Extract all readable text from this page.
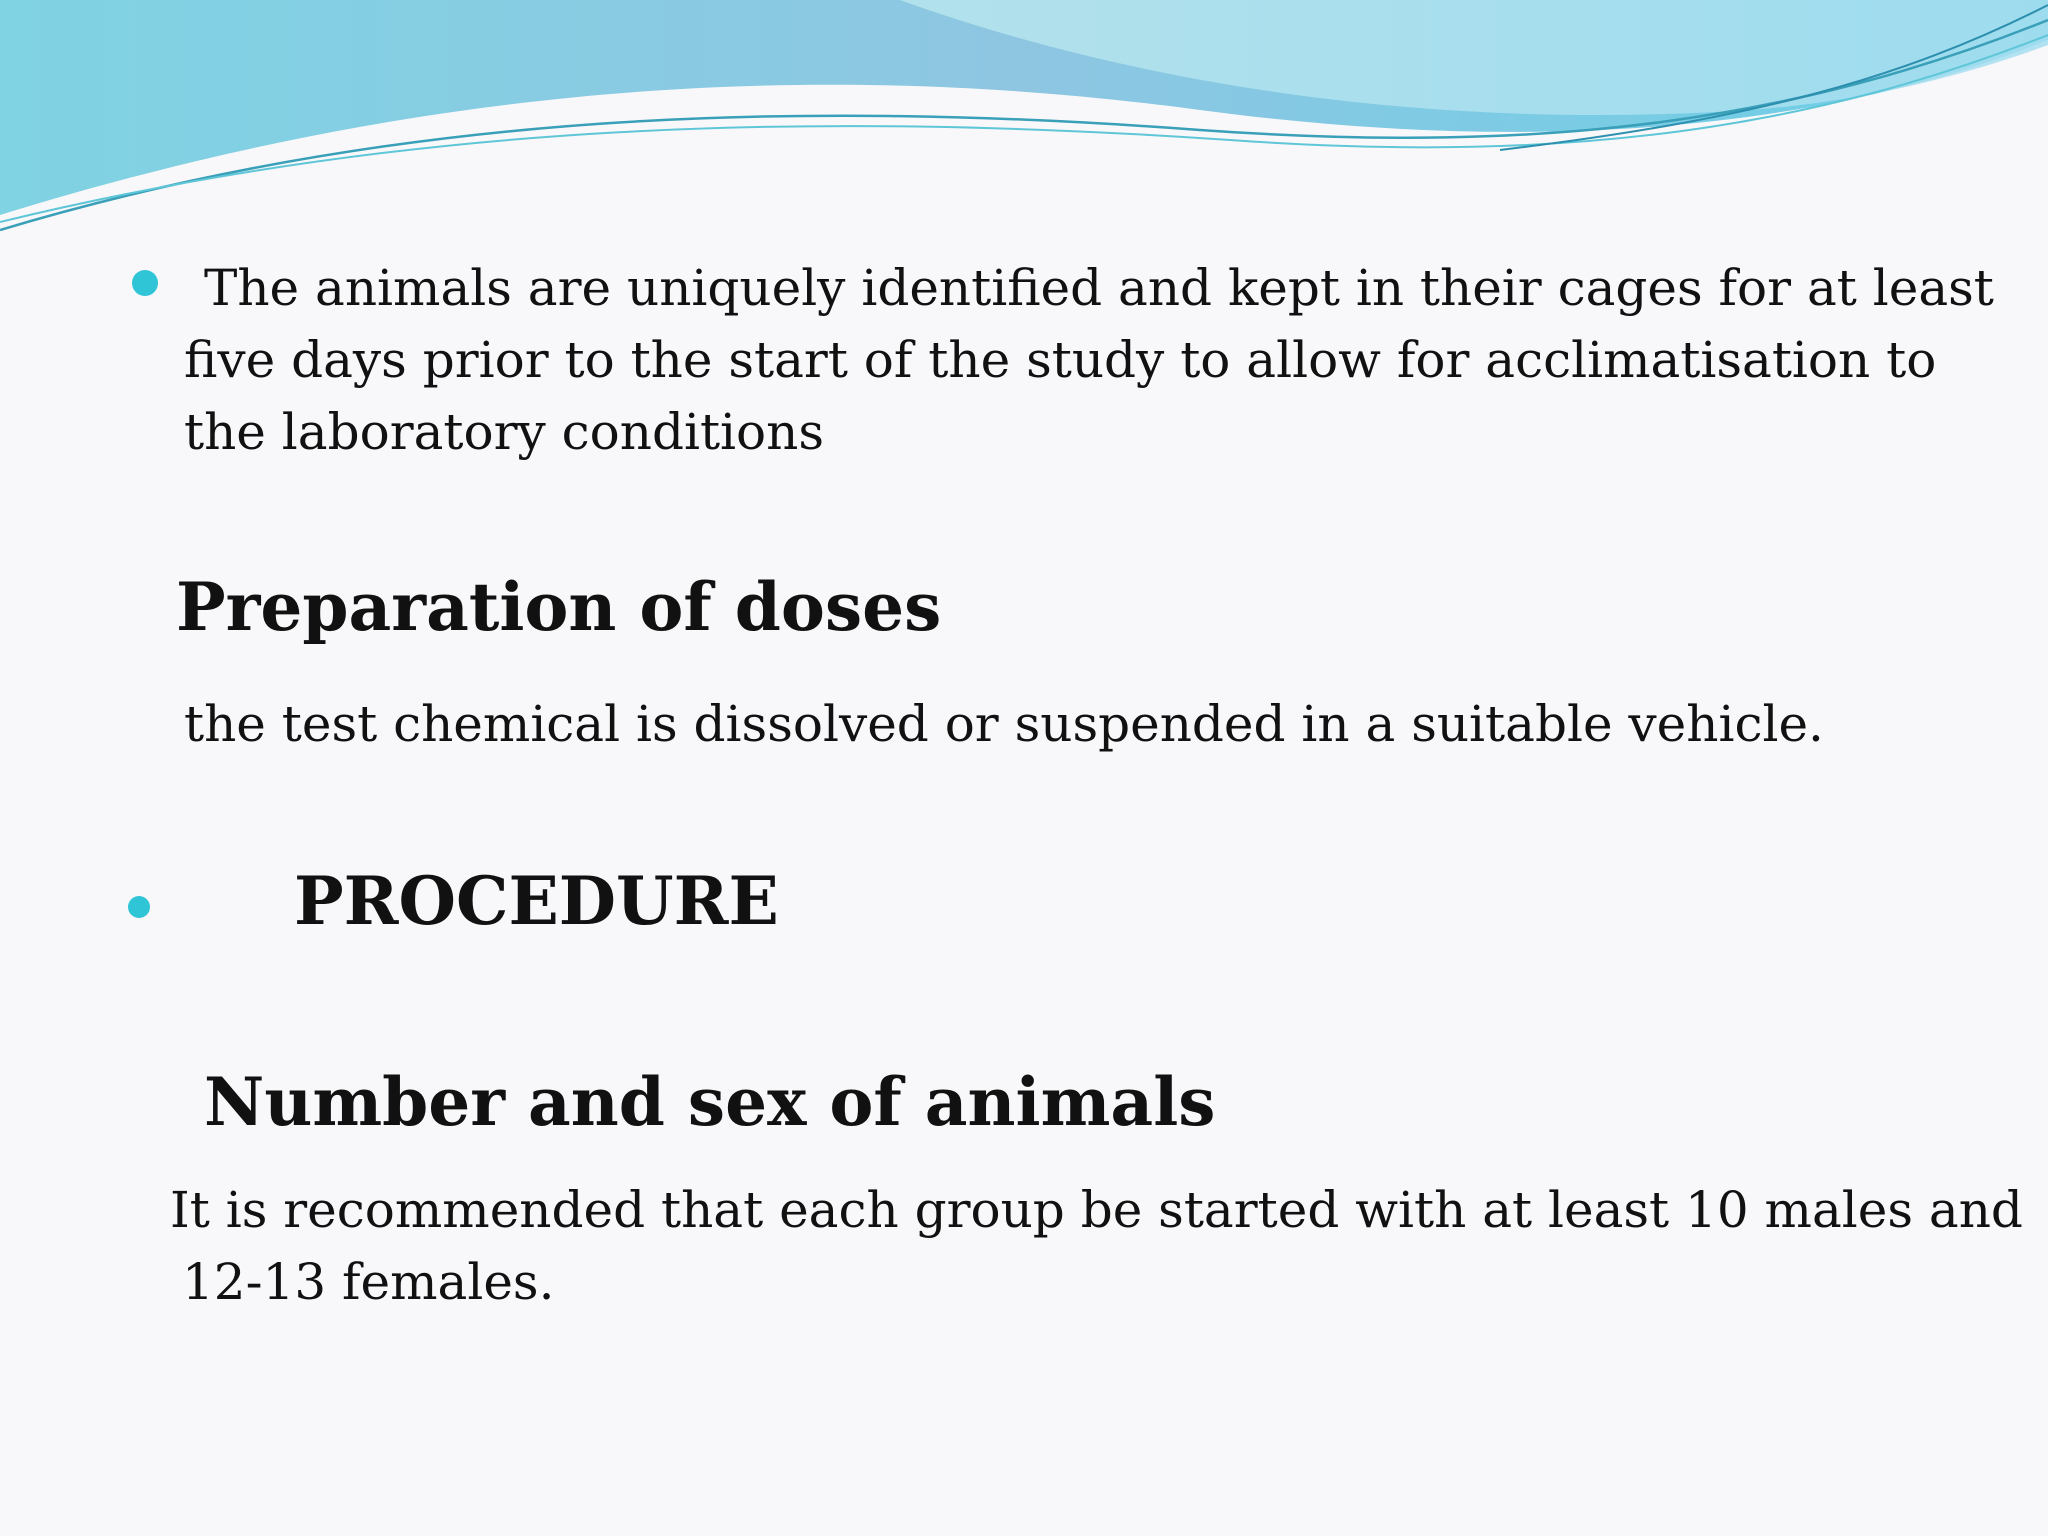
The animals are uniquely identified and kept in their cages for at least

five days prior to the start of the study to allow for acclimatisation to

the laboratory conditions

Preparation of doses

the test chemical is dissolved or suspended in a suitable vehicle.

PROCEDURE
Number and sex of animals

It is recommended that each group be started with at least 10 males and

12-13 females.
